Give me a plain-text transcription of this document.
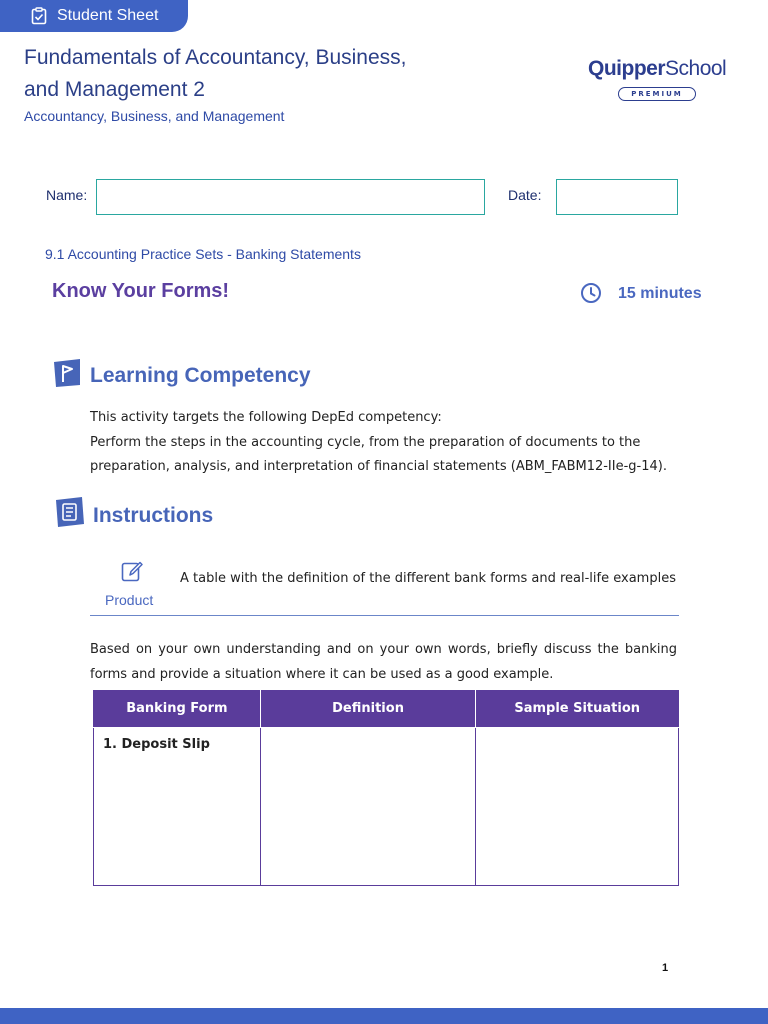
Student Sheet
Fundamentals of Accountancy, Business,
and Management 2
Accountancy, Business, and Management
QuipperSchool
PREMIUM
Name:	Date:
9.1 Accounting Practice Sets - Banking Statements
Know Your Forms!	15 minutes
Learning Competency
This activity targets the following DepEd competency:
Perform the steps in the accounting cycle, from the preparation of documents to the
preparation, analysis, and interpretation of financial statements (ABM_FABM12-IIe-g-14).
Instructions
Product
A table with the definition of the different bank forms and real-life examples
Based on your own understanding and on your own words, briefly discuss the banking forms and provide a situation where it can be used as a good example.
Banking Form	Definition	Sample Situation
1. Deposit Slip		
1
